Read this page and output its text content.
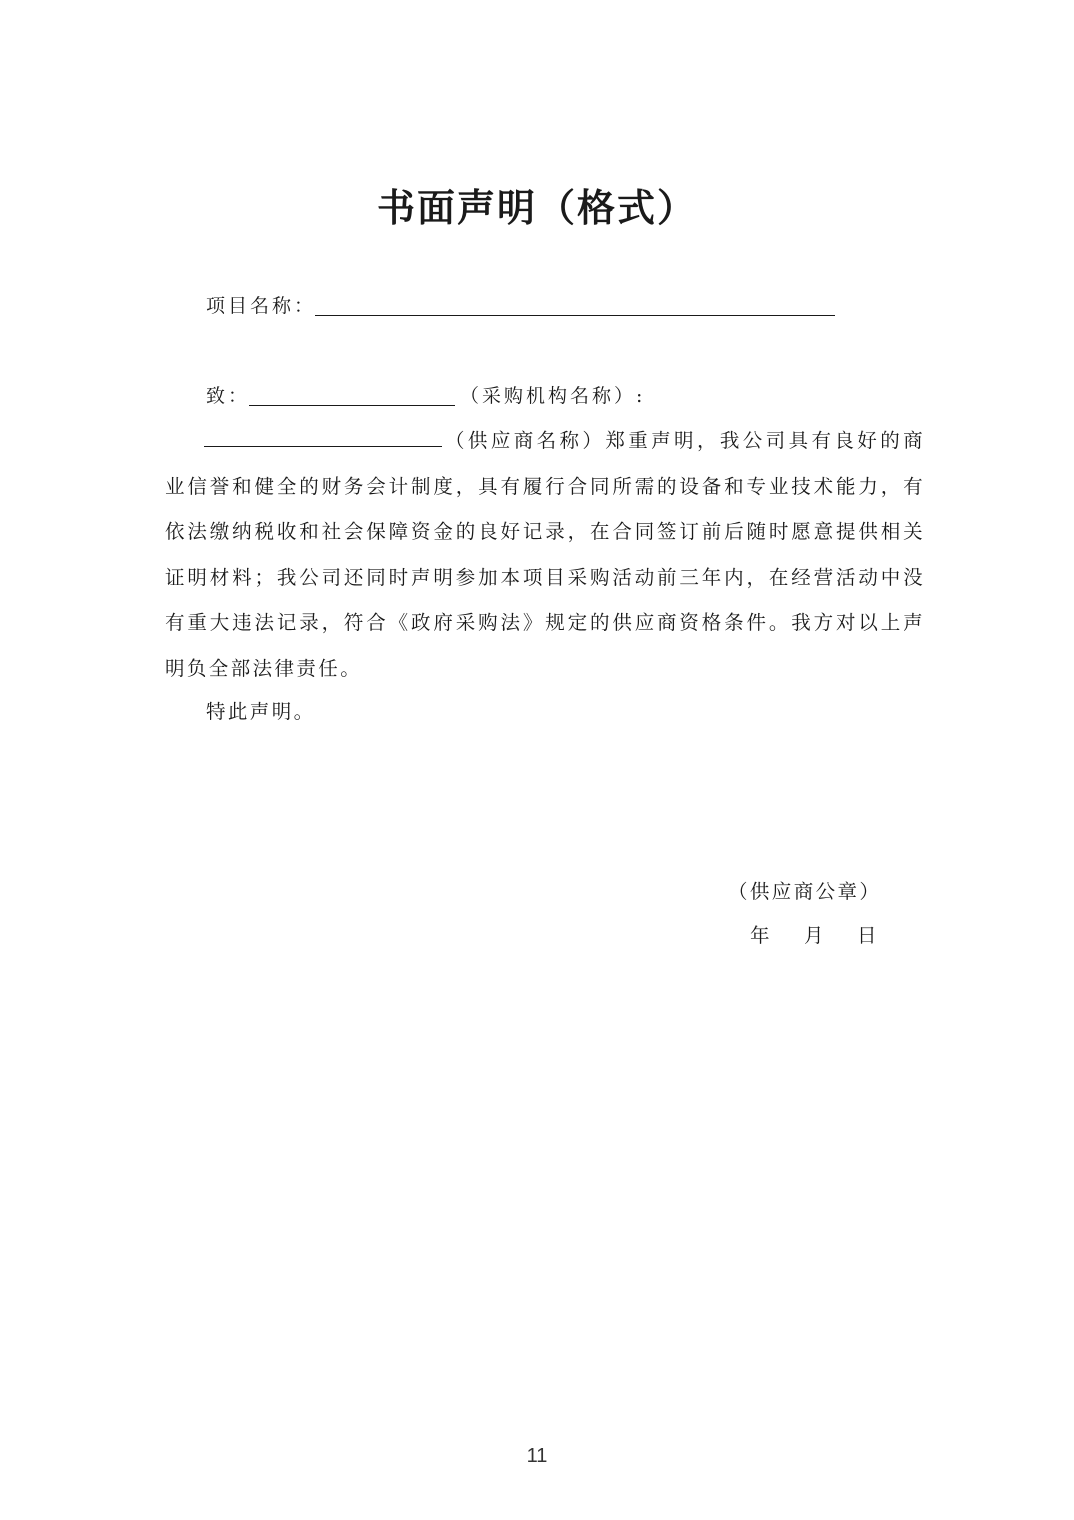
书面声明（格式）
项目名称：
致：	（采购机构名称）:
（供应商名称）郑重声明，我公司具有良好的商业信誉和健全的财务会计制度，具有履行合同所需的设备和专业技术能力，有依法缴纳税收和社会保障资金的良好记录，在合同签订前后随时愿意提供相关证明材料；我公司还同时声明参加本项目采购活动前三年内，在经营活动中没有重大违法记录，符合《政府采购法》规定的供应商资格条件。我方对以上声明负全部法律责任。
特此声明。
（供应商公章）
年 月 日
11
